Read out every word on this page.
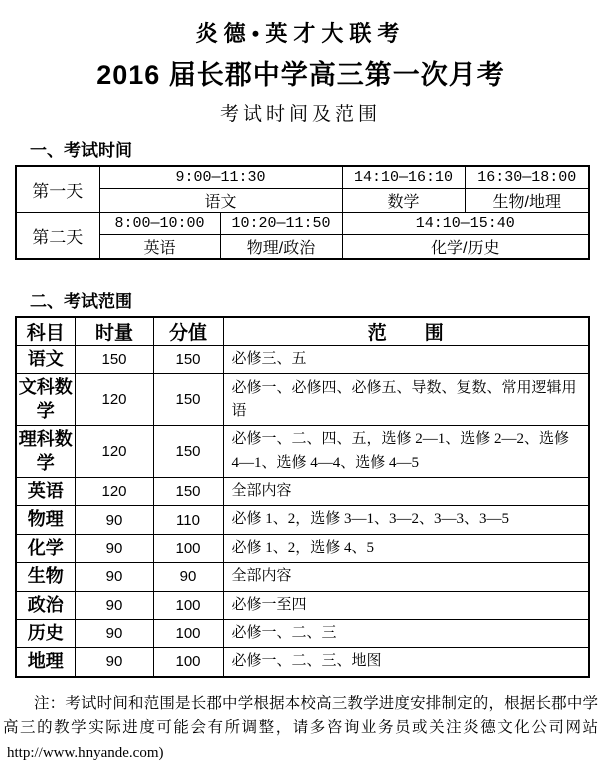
炎德•英才大联考
2016 届长郡中学高三第一次月考
考试时间及范围
一、考试时间
第一天	9:00—11:30		14:10—16:10	16:30—18:00
	语文		数学	生物/地理
第二天	8:00—10:00	10:20—11:50	14:10—15:40	
	英语	物理/政治	化学/历史	
二、考试范围
科目	时量	分值	范　　围
语文	150	150	必修三、五
文科数学	120	150	必修一、必修四、必修五、导数、复数、常用逻辑用语
理科数学	120	150	必修一、二、四、五，选修 2—1、选修 2—2、选修 4—1、选修 4—4、选修 4—5
英语	120	150	全部内容
物理	90	110	必修 1、2，选修 3—1、3—2、3—3、3—5
化学	90	100	必修 1、2，选修 4、5
生物	90	90	全部内容
政治	90	100	必修一至四
历史	90	100	必修一、二、三
地理	90	100	必修一、二、三、地图
注：考试时间和范围是长郡中学根据本校高三教学进度安排制定的，根据长郡中学
高三的教学实际进度可能会有所调整，请多咨询业务员或关注炎德文化公司网站
http://www.hnyande.com)
